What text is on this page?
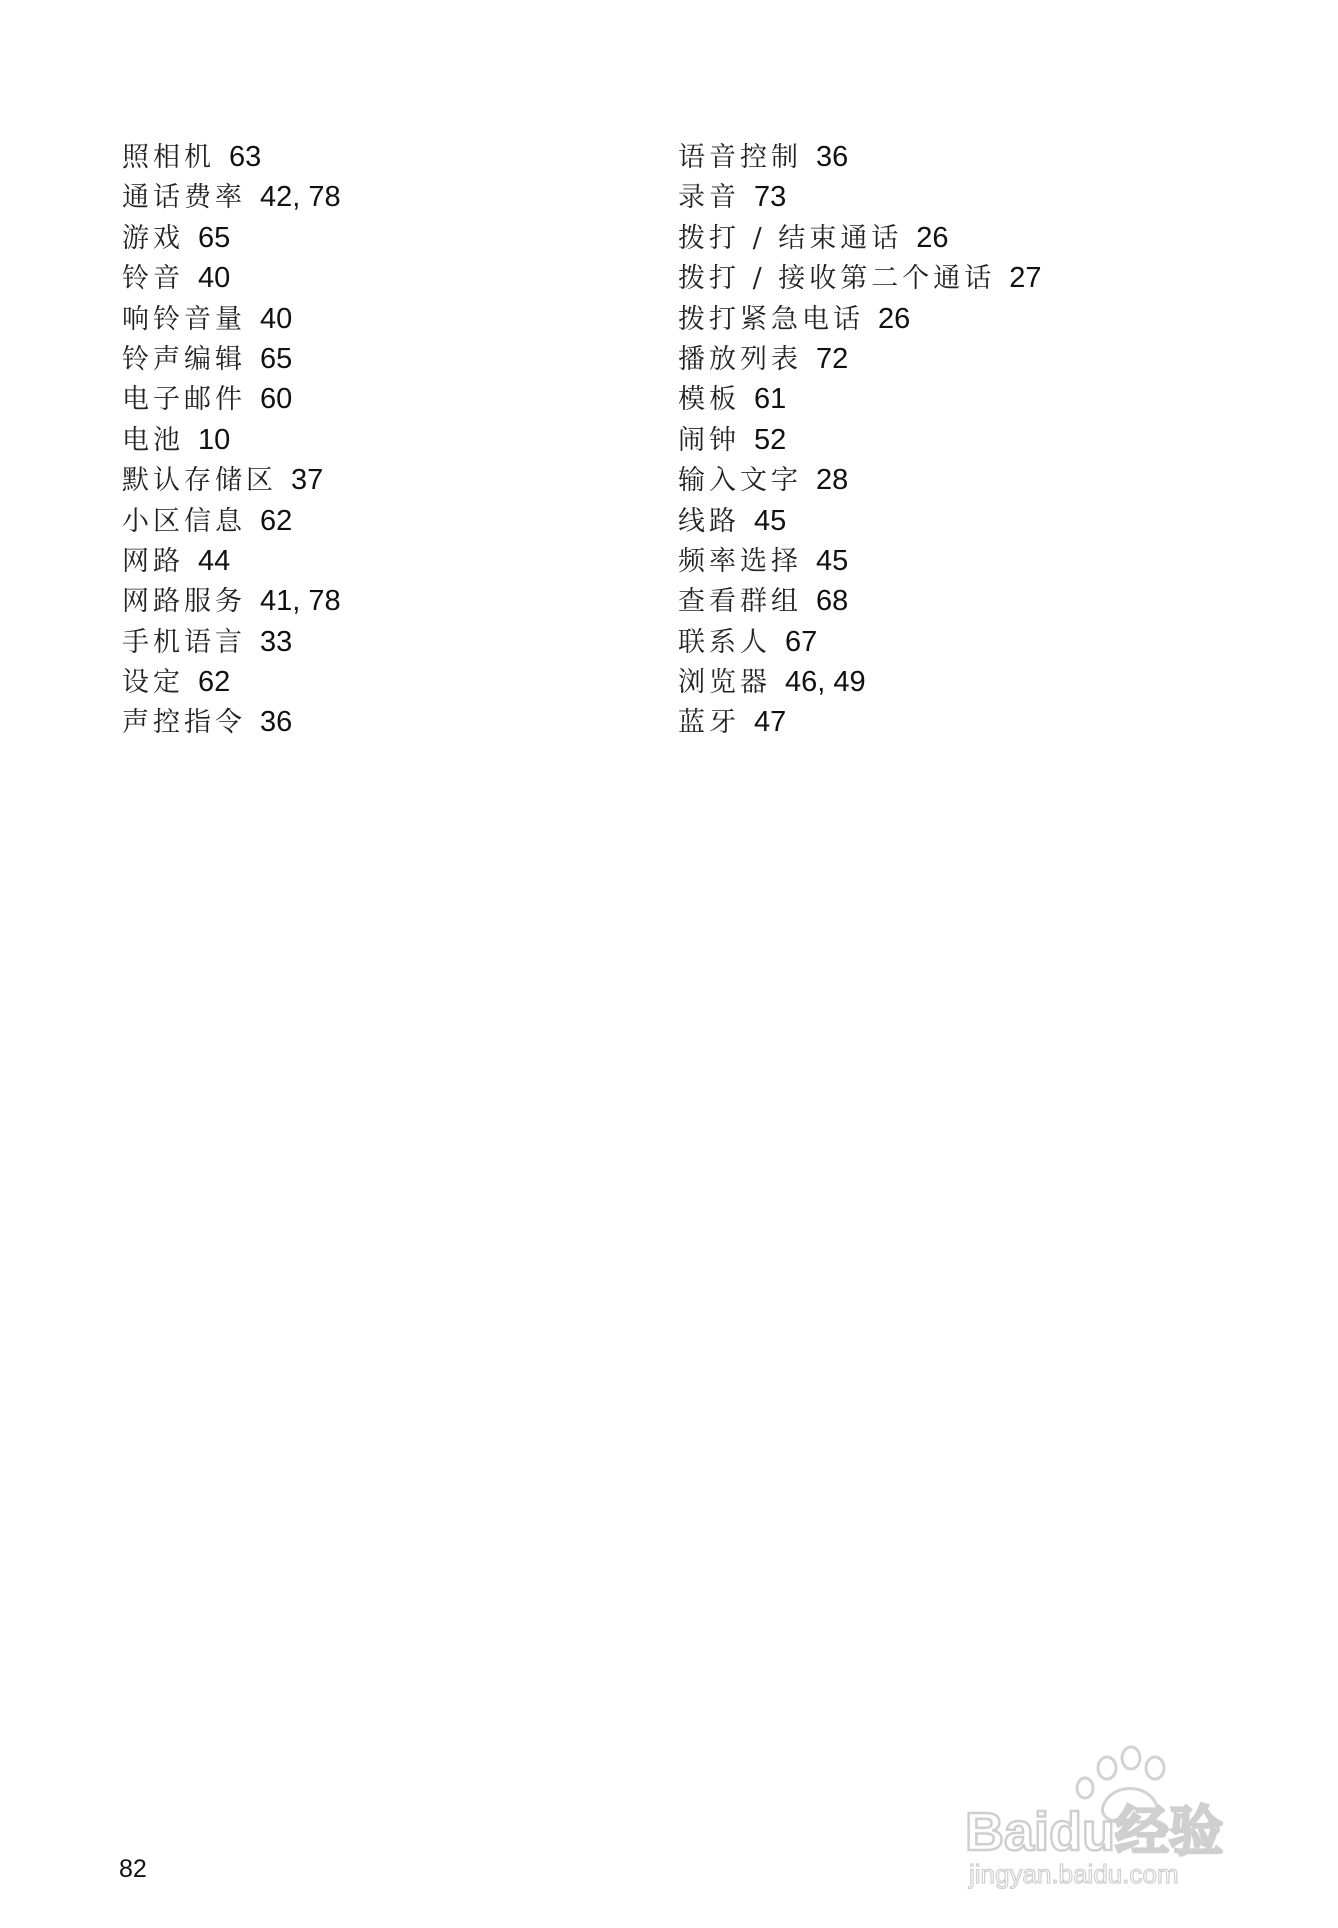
照相机 63
通话费率 42, 78
游戏 65
铃音 40
响铃音量 40
铃声编辑 65
电子邮件 60
电池 10
默认存储区 37
小区信息 62
网路 44
网路服务 41, 78
手机语言 33
设定 62
声控指令 36
语音控制 36
录音 73
拨打 / 结束通话 26
拨打 / 接收第二个通话 27
拨打紧急电话 26
播放列表 72
模板 61
闹钟 52
输入文字 28
线路 45
频率选择 45
查看群组 68
联系人 67
浏览器 46, 49
蓝牙 47
82
Baidu经验
jingyan.baidu.com
